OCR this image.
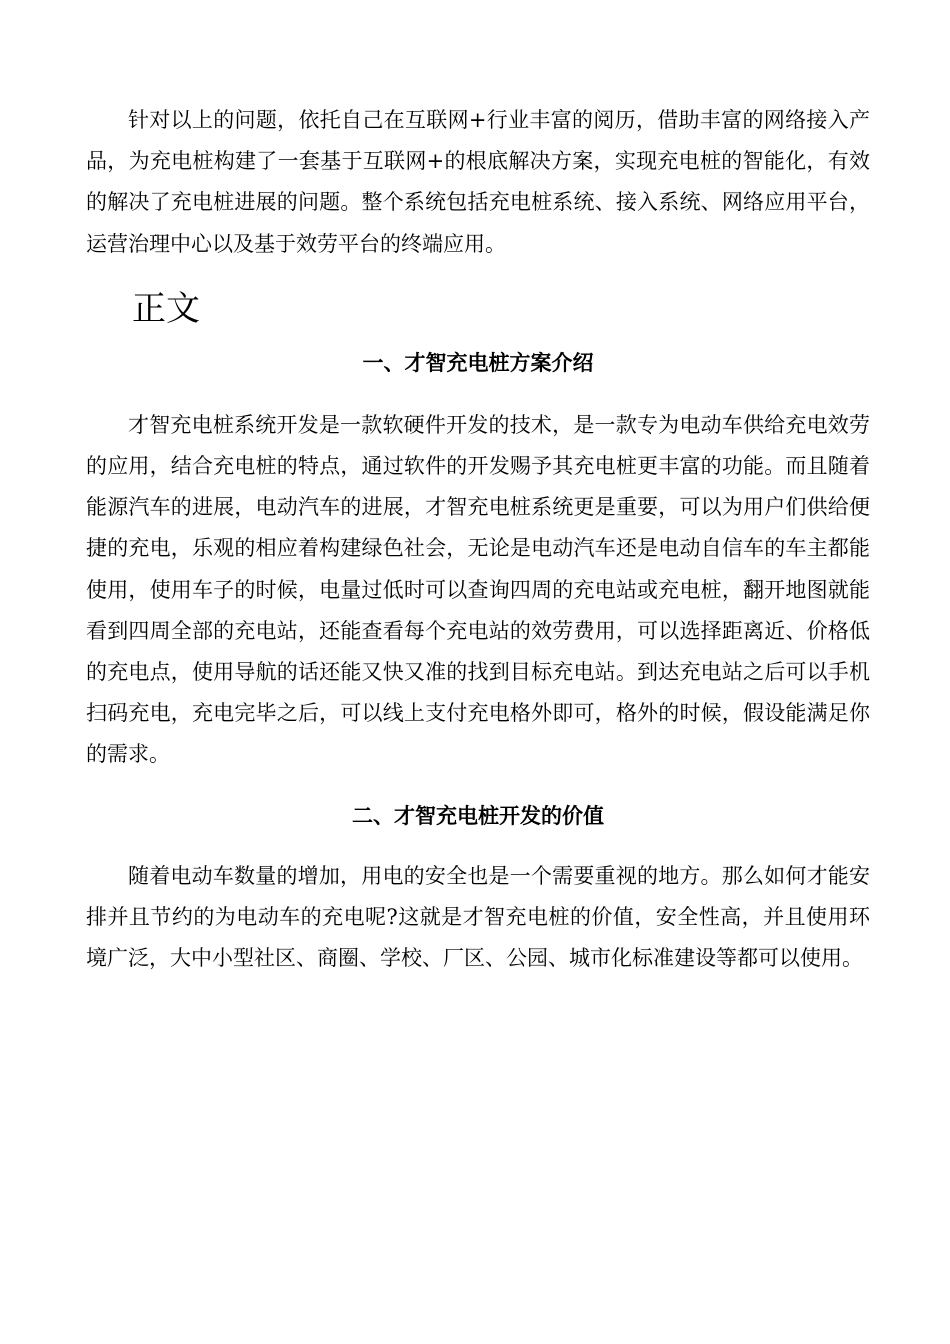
针对以上的问题，依托自己在互联网+行业丰富的阅历，借助丰富的网络接入产品，为充电桩构建了一套基于互联网+的根底解决方案，实现充电桩的智能化，有效的解决了充电桩进展的问题。整个系统包括充电桩系统、接入系统、网络应用平台，运营治理中心以及基于效劳平台的终端应用。

正文
一、才智充电桩方案介绍

才智充电桩系统开发是一款软硬件开发的技术，是一款专为电动车供给充电效劳的应用，结合充电桩的特点，通过软件的开发赐予其充电桩更丰富的功能。而且随着能源汽车的进展，电动汽车的进展，才智充电桩系统更是重要，可以为用户们供给便捷的充电，乐观的相应着构建绿色社会，无论是电动汽车还是电动自信车的车主都能使用，使用车子的时候，电量过低时可以查询四周的充电站或充电桩，翻开地图就能看到四周全部的充电站，还能查看每个充电站的效劳费用，可以选择距离近、价格低的充电点，使用导航的话还能又快又准的找到目标充电站。到达充电站之后可以手机扫码充电，充电完毕之后，可以线上支付充电格外即可，格外的时候，假设能满足你的需求。

二、才智充电桩开发的价值

随着电动车数量的增加，用电的安全也是一个需要重视的地方。那么如何才能安排并且节约的为电动车的充电呢?这就是才智充电桩的价值，安全性高，并且使用环境广泛，大中小型社区、商圈、学校、厂区、公园、城市化标准建设等都可以使用。
